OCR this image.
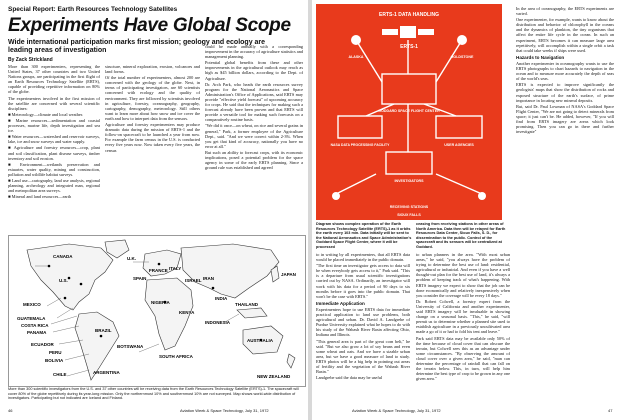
Special Report: Earth Resources Technology Satellites
Experiments Have Global Scope
Wide international participation marks first mission; geology and ecology are leading areas of investigation
By Zack Strickland

More than 300 experimenters, representing the United States, 37 other countries and two United Nations groups, are participating in the first flight of an Earth Resources Technology Satellite (ERTS), capable of providing repetitive information on 80% of the globe.

The experimenters involved in the first mission of the satellite are concerned with several scientific disciplines:

■ Meteorology—climate and local weather.

■ Marine resources—sedimentation and coastal processes, marine life, depth investigation and sea ice.

■ Water resources—watershed and reservoir surveys, lake, ice and snow surveys and water supply.

■ Agriculture and forestry resources—crop, plant and soil classification, plant disease surveys, timber inventory and soil erosion.

■ Environment—wetlands preservation and estuaries, water quality, mining and construction, pollution and wildlife habitat surveys.

■ Land use—cartography, land use analysis, regional planning, archeology and integrated man, regional and metropolitan area surveys.

■ Mineral and land resources—earth

structure, mineral exploration, erosion, volcanoes and land forms.

Of the total number of experimenters, almost 200 are concerned with the geology of the globe. Next, in terms of participating investigators, are 60 scientists concerned with ecology and the quality of environment. They are followed by scientists involved in agriculture, forestry, oceanography, geography, cartography, demography, meteorology. Still others want to learn more about how snow and ice cover the earth and how to interpret data from the sensors.

Agriculture and forestry experimenters may produce dramatic data during the mission of ERTS-1 and the follow-on spacecraft to be launched a year from now. For example the farm census in the U.S. is conducted every five years now. Now taken every five years, the census

could be made annually with a corresponding improvement in the accuracy of agriculture statistics and management planning.

Potential global benefits from these and other improvements in the agricultural outlook may reach as high as $45 billion dollars, according to the Dept. of Agriculture.

Dr. Arch Park, who heads the earth resources survey program for the National Aeronautics and Space Administration's Office of Applications, said ERTS may provide "effective yield forecast" of upcoming accuracy for crops. He said that the techniques for making such a forecast already have been proven and that ERTS will provide a versatile tool for making such forecasts on a comparatively routine basis.

"We did it once—on wheat, on rice and several grains in general," Park, a former employee of the Agriculture Dept., said. "And we were correct within 2-3%. When you get that kind of accuracy, nationally you have no error at all."

But such an ability to forecast crops, with its economic implications, posed a potential problem for the space agency in some of the early ERTS planning. Since a ground rule was established and agreed

CANADA
U.S.
MEXICO
GUATEMALA
COSTA RICA
PANAMA
ECUADOR
PERU
BOLIVIA
BRAZIL
CHILE	ARGENTINA
U.K.
FRANCE
SPAIN
ITALY
ISRAEL
NIGERIA
KENYA
BOTSWANA
SOUTH AFRICA
IRAN
INDIA
JAPAN
THAILAND
INDONESIA
AUSTRALIA
NEW ZEALAND
More than 300 scientific investigators from the U.S. and 37 other countries will be receiving data from the Earth Resources Technology Satellite (ERTS)-1. The spacecraft will cover 80% of the globe repetitively during its year-long mission. Only the northernmost 10% and southernmost 10% are not surveyed. Map shows world-wide distribution of investigators. Participating but not indicated are Iceland and Finland.
46	Aviation Week & Space Technology, July 31, 1972
ERTS-1 DATA HANDLING
ERTS-1
GODDARD SPACE FLIGHT CENTER
NASA DATA PROCESSING FACILITY	USER AGENCIES
INVESTIGATORS
RECEIVING STATIONS
ALASKA	GOLDSTONE
SIOUX FALLS
Diagram shows complex operation of the Earth Resources Technology Satellite (ERTS)-1 as it orbits the earth every 103 min. Data initially will be sent to the National Aeronautics and Space Administration's Goddard Space Flight Center, where it will be processed
ceasing from receiving stations in other areas of North America. Data then will be relayed for Earth Resources Data Center, Sioux Falls, S. D., for dissemination to the public. Control of the spacecraft and its sensors will be centralized at Goddard.

to in writing by all experimenters, that all ERTS data would be placed immediately in the public domain.

"The first time an investigator gets access to data will be when everybody gets access to it," Park said. "This is a departure from usual scientific investigations carried out by NASA. Ordinarily, an investigator will work with his data for a period of 90 days to six months before it goes into the public domain. That won't be the case with ERTS."

Immediate Application

Experimenters hope to use ERTS data for immediate practical application to land use problems, both agricultural and urban. Dr. David A. Landgrebe of Purdue University explained what he hopes to do with his study of the Wabash River Basin affecting Ohio, Indiana and Illinois.

"This general area is part of the great corn belt," he said. "But we also grow a lot of soy beans and even some wheat and oats. And we have a sizable urban area, but we have a good measure of land to study. ERTS photos will be a big help in pointing out areas of fertility and the vegetation of the Wabash River Basin."

Landgrebe said the data may be useful

to urban planners in the area. "With most urban areas," he said, "you always have the problem of trying to determine the best use of land: residential, agricultural or industrial. And even if you have a well thought-out plan for the best use of land, it's always a problem of keeping track of what's happening. With ERTS imagery we expect to show that the job can be done economically and relatively inexpensively when you consider the coverage will be every 18 days."

Dr. Robert Colwell, a forestry expert from the University of California and another experimenter, said ERTS imagery will be invaluable in showing change on a seasonal basis. "This," he said, "will permit us to determine whether a planned site used to establish agriculture in a previously uncultivated area made a go of it or had to fold his tent and leave."

Park said ERTS data may be available only 50% of the time because of cloud cover that can obscure the terrain, but Colwell sees this as an advantage under some circumstances. "By observing the amount of cloud cover over a given area," he said, "man can determine the percentage of rainfall that can fall on the terrain below. This, in turn, will help him determine the best type of crop to be grown in any one given area."

In the area of oceanography, the ERTS experiments are varied.

One experimenter, for example, wants to know about the distribution and behavior of chlorophyll in the oceans and the dynamics of plankton, the tiny organisms that affect the entire life cycle in the ocean. In such an experiment, ERTS becomes it can measure large area repetitively, will accomplish within a single orbit a task that could take weeks if ships were used.

Hazards to Navigation

Another experimenter in oceanography wants to use the ERTS photographs to chart hazards to navigation in the ocean and to measure more accurately the depth of seas of the world's seas.

ERTS is expected to improve significantly the geologists' maps that show the distribution of rocks and exposed structure of the earth's surface, of prime importance in locating new mineral deposits.

But, said Dr. Paul Lowman of NASA's Goddard Space Flight Center, "We are not going to detect minerals from space; it just can't be. He added, however, "If you will find from ERTS imagery are areas which look promising. Then you can go in there and further investigate"

Aviation Week & Space Technology, July 31, 1972	47
